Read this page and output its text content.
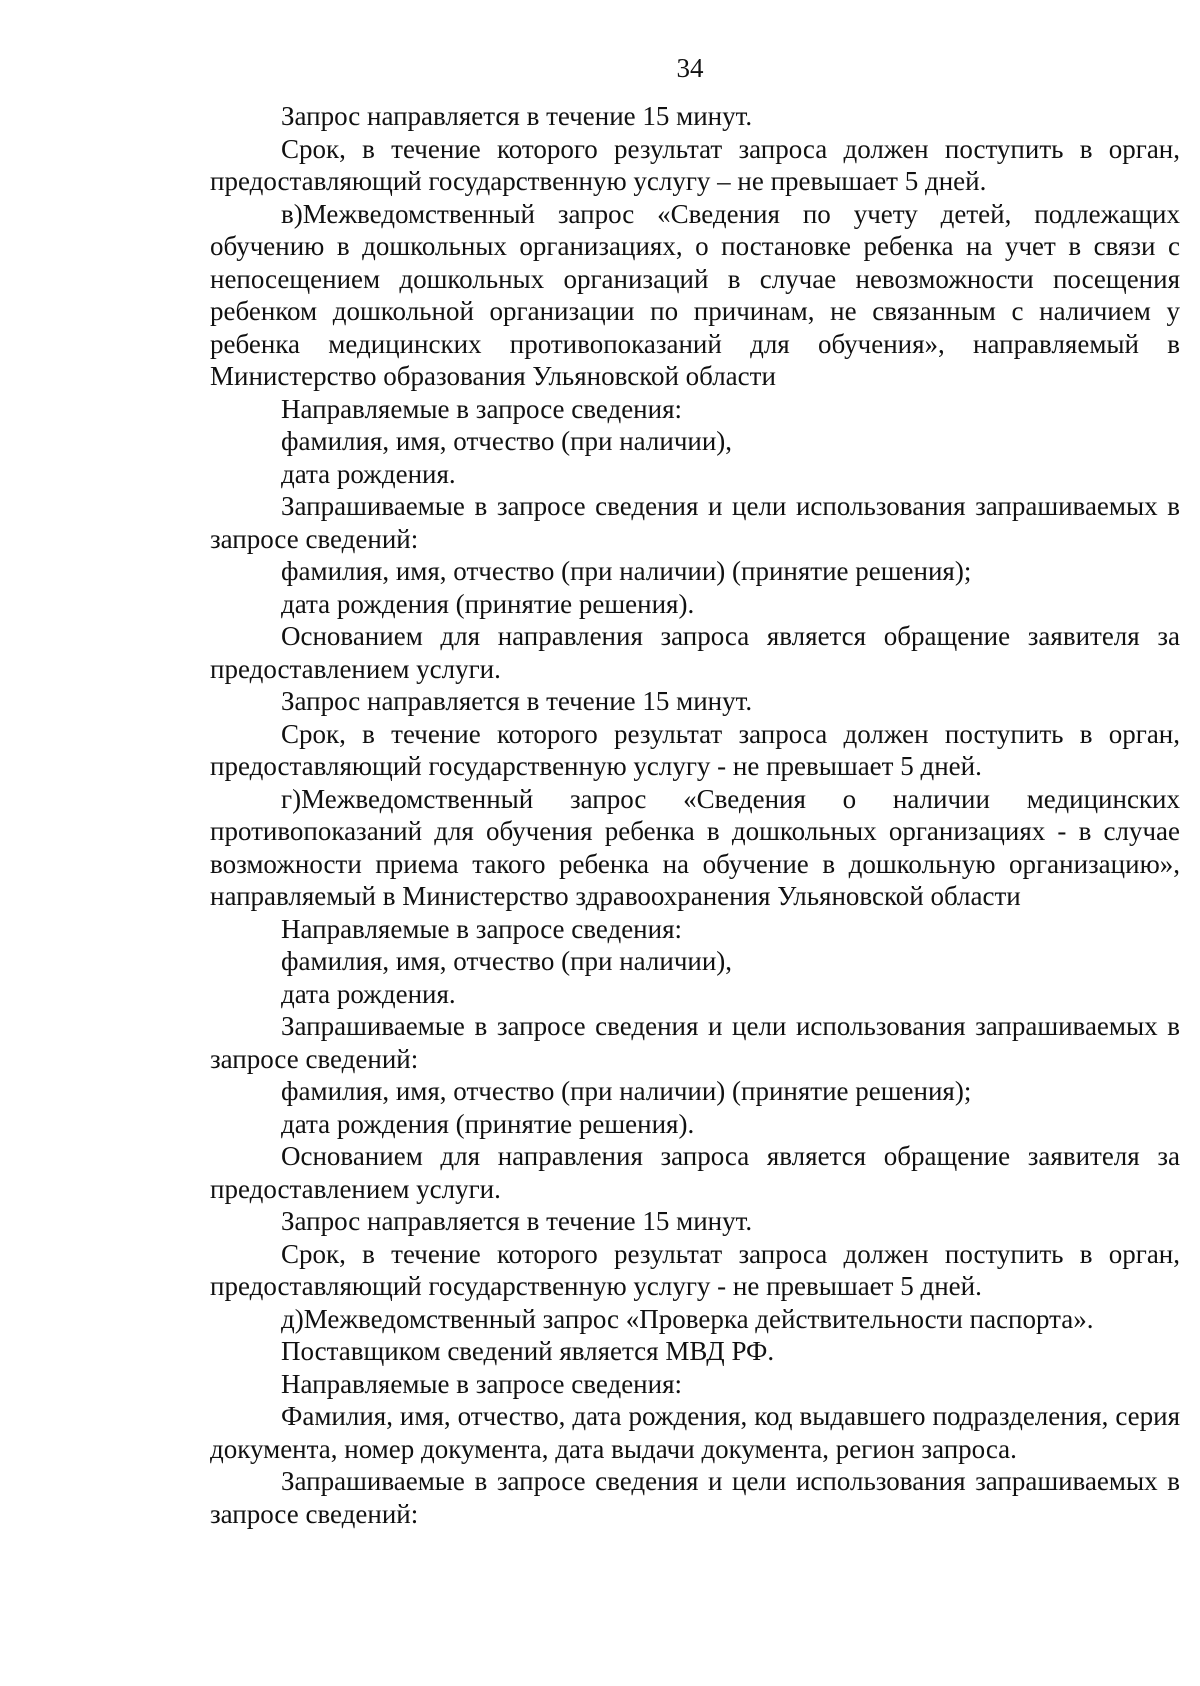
34

Запрос направляется в течение 15 минут.

Срок, в течение которого результат запроса должен поступить в орган, предоставляющий государственную услугу – не превышает 5 дней.

в)Межведомственный запрос «Сведения по учету детей, подлежащих обучению в дошкольных организациях, о постановке ребенка на учет в связи с непосещением дошкольных организаций в случае невозможности посещения ребенком дошкольной организации по причинам, не связанным с наличием у ребенка медицинских противопоказаний для обучения», направляемый в Министерство образования Ульяновской области

Направляемые в запросе сведения:

фамилия, имя, отчество (при наличии),

дата рождения.

Запрашиваемые в запросе сведения и цели использования запрашиваемых в запросе сведений:

фамилия, имя, отчество (при наличии) (принятие решения);

дата рождения (принятие решения).

Основанием для направления запроса является обращение заявителя за предоставлением услуги.

Запрос направляется в течение 15 минут.

Срок, в течение которого результат запроса должен поступить в орган, предоставляющий государственную услугу - не превышает 5 дней.

г)Межведомственный запрос «Сведения о наличии медицинских противопоказаний для обучения ребенка в дошкольных организациях - в случае возможности приема такого ребенка на обучение в дошкольную организацию», направляемый в Министерство здравоохранения Ульяновской области

Направляемые в запросе сведения:

фамилия, имя, отчество (при наличии),

дата рождения.

Запрашиваемые в запросе сведения и цели использования запрашиваемых в запросе сведений:

фамилия, имя, отчество (при наличии) (принятие решения);

дата рождения (принятие решения).

Основанием для направления запроса является обращение заявителя за предоставлением услуги.

Запрос направляется в течение 15 минут.

Срок, в течение которого результат запроса должен поступить в орган, предоставляющий государственную услугу - не превышает 5 дней.

д)Межведомственный запрос «Проверка действительности паспорта».

Поставщиком сведений является МВД РФ.

Направляемые в запросе сведения:

Фамилия, имя, отчество, дата рождения, код выдавшего подразделения, серия документа, номер документа, дата выдачи документа, регион запроса.

Запрашиваемые в запросе сведения и цели использования запрашиваемых в запросе сведений:
